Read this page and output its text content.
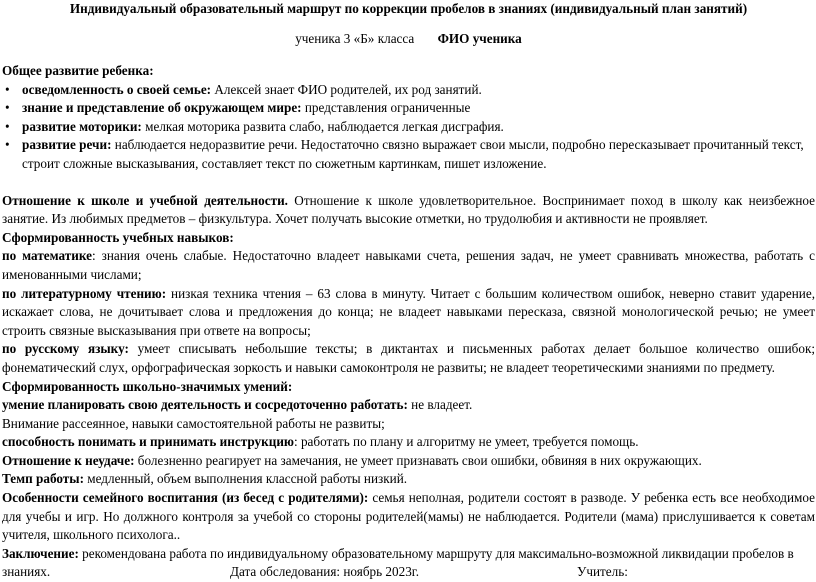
Индивидуальный образовательный маршрут по коррекции пробелов в знаниях (индивидуальный план занятий)
ученика 3 «Б» класса ФИО ученика
Общее развитие ребенка:
• осведомленность о своей семье: Алексей знает ФИО родителей, их род занятий.
• знание и представление об окружающем мире: представления ограниченные
• развитие моторики: мелкая моторика развита слабо, наблюдается легкая дисграфия.
• развитие речи: наблюдается недоразвитие речи. Недостаточно связно выражает свои мысли, подробно пересказывает прочитанный текст, строит сложные высказывания, составляет текст по сюжетным картинкам, пишет изложение.
Отношение к школе и учебной деятельности. Отношение к школе удовлетворительное. Воспринимает поход в школу как неизбежное занятие. Из любимых предметов – физкультура. Хочет получать высокие отметки, но трудолюбия и активности не проявляет.
Сформированность учебных навыков:
по математике: знания очень слабые. Недостаточно владеет навыками счета, решения задач, не умеет сравнивать множества, работать с именованными числами;
по литературному чтению: низкая техника чтения – 63 слова в минуту. Читает с большим количеством ошибок, неверно ставит ударение, искажает слова, не дочитывает слова и предложения до конца; не владеет навыками пересказа, связной монологической речью; не умеет строить связные высказывания при ответе на вопросы;
по русскому языку: умеет списывать небольшие тексты; в диктантах и письменных работах делает большое количество ошибок; фонематический слух, орфографическая зоркость и навыки самоконтроля не развиты; не владеет теоретическими знаниями по предмету.
Сформированность школьно-значимых умений:
умение планировать свою деятельность и сосредоточенно работать: не владеет.
Внимание рассеянное, навыки самостоятельной работы не развиты;
способность понимать и принимать инструкцию: работать по плану и алгоритму не умеет, требуется помощь.
Отношение к неудаче: болезненно реагирует на замечания, не умеет признавать свои ошибки, обвиняя в них окружающих.
Темп работы: медленный, объем выполнения классной работы низкий.
Особенности семейного воспитания (из бесед с родителями): семья неполная, родители состоят в разводе. У ребенка есть все необходимое для учебы и игр. Но должного контроля за учебой со стороны родителей(мамы) не наблюдается. Родители (мама) прислушивается к советам учителя, школьного психолога..
Заключение: рекомендована работа по индивидуальному образовательному маршруту для максимально-возможной ликвидации пробелов в
знаниях.	Дата обследования: ноябрь 2023г.	Учитель:
